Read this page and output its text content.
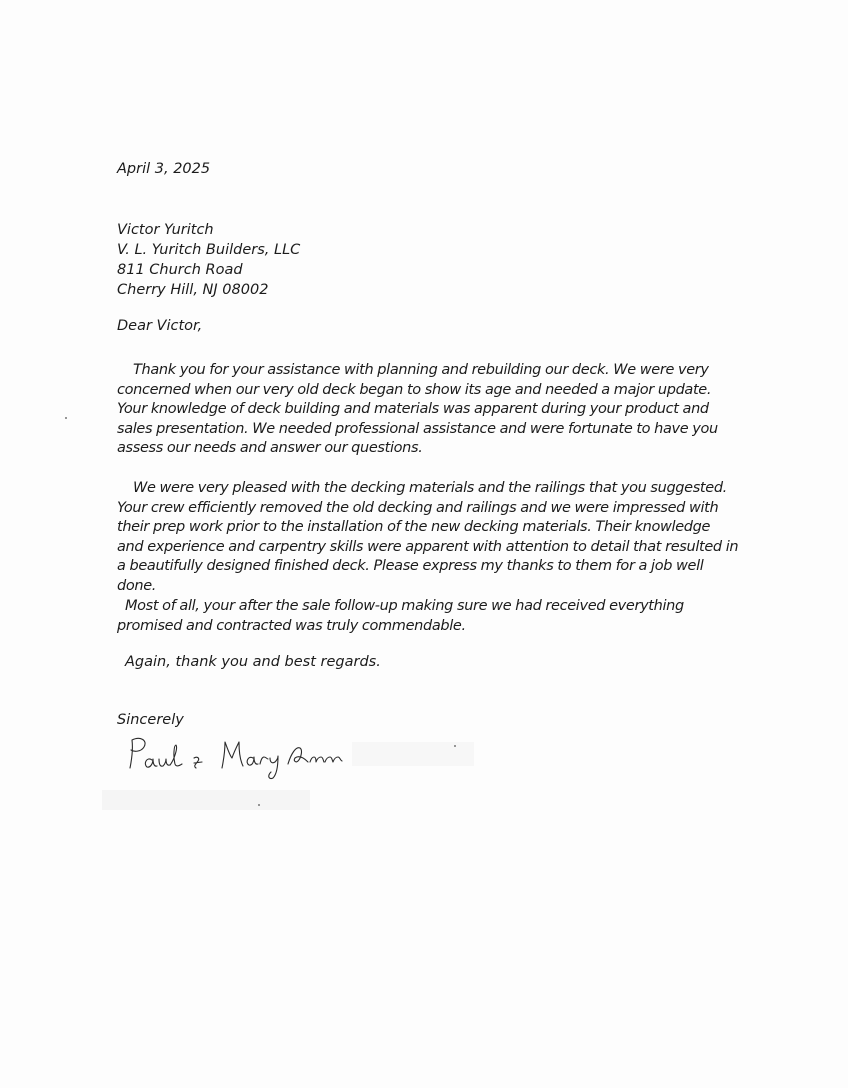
April 3, 2025

Victor Yuritch
V. L. Yuritch Builders, LLC
811 Church Road
Cherry Hill, NJ 08002

Dear Victor,

Thank you for your assistance with planning and rebuilding our deck. We were very concerned when our very old deck began to show its age and needed a major update. Your knowledge of deck building and materials was apparent during your product and sales presentation. We needed professional assistance and were fortunate to have you assess our needs and answer our questions.

We were very pleased with the decking materials and the railings that you suggested. Your crew efficiently removed the old decking and railings and we were impressed with their prep work prior to the installation of the new decking materials. Their knowledge and experience and carpentry skills were apparent with attention to detail that resulted in a beautifully designed finished deck. Please express my thanks to them for a job well done.

Most of all, your after the sale follow-up making sure we had received everything promised and contracted was truly commendable.

Again, thank you and best regards.

Sincerely
